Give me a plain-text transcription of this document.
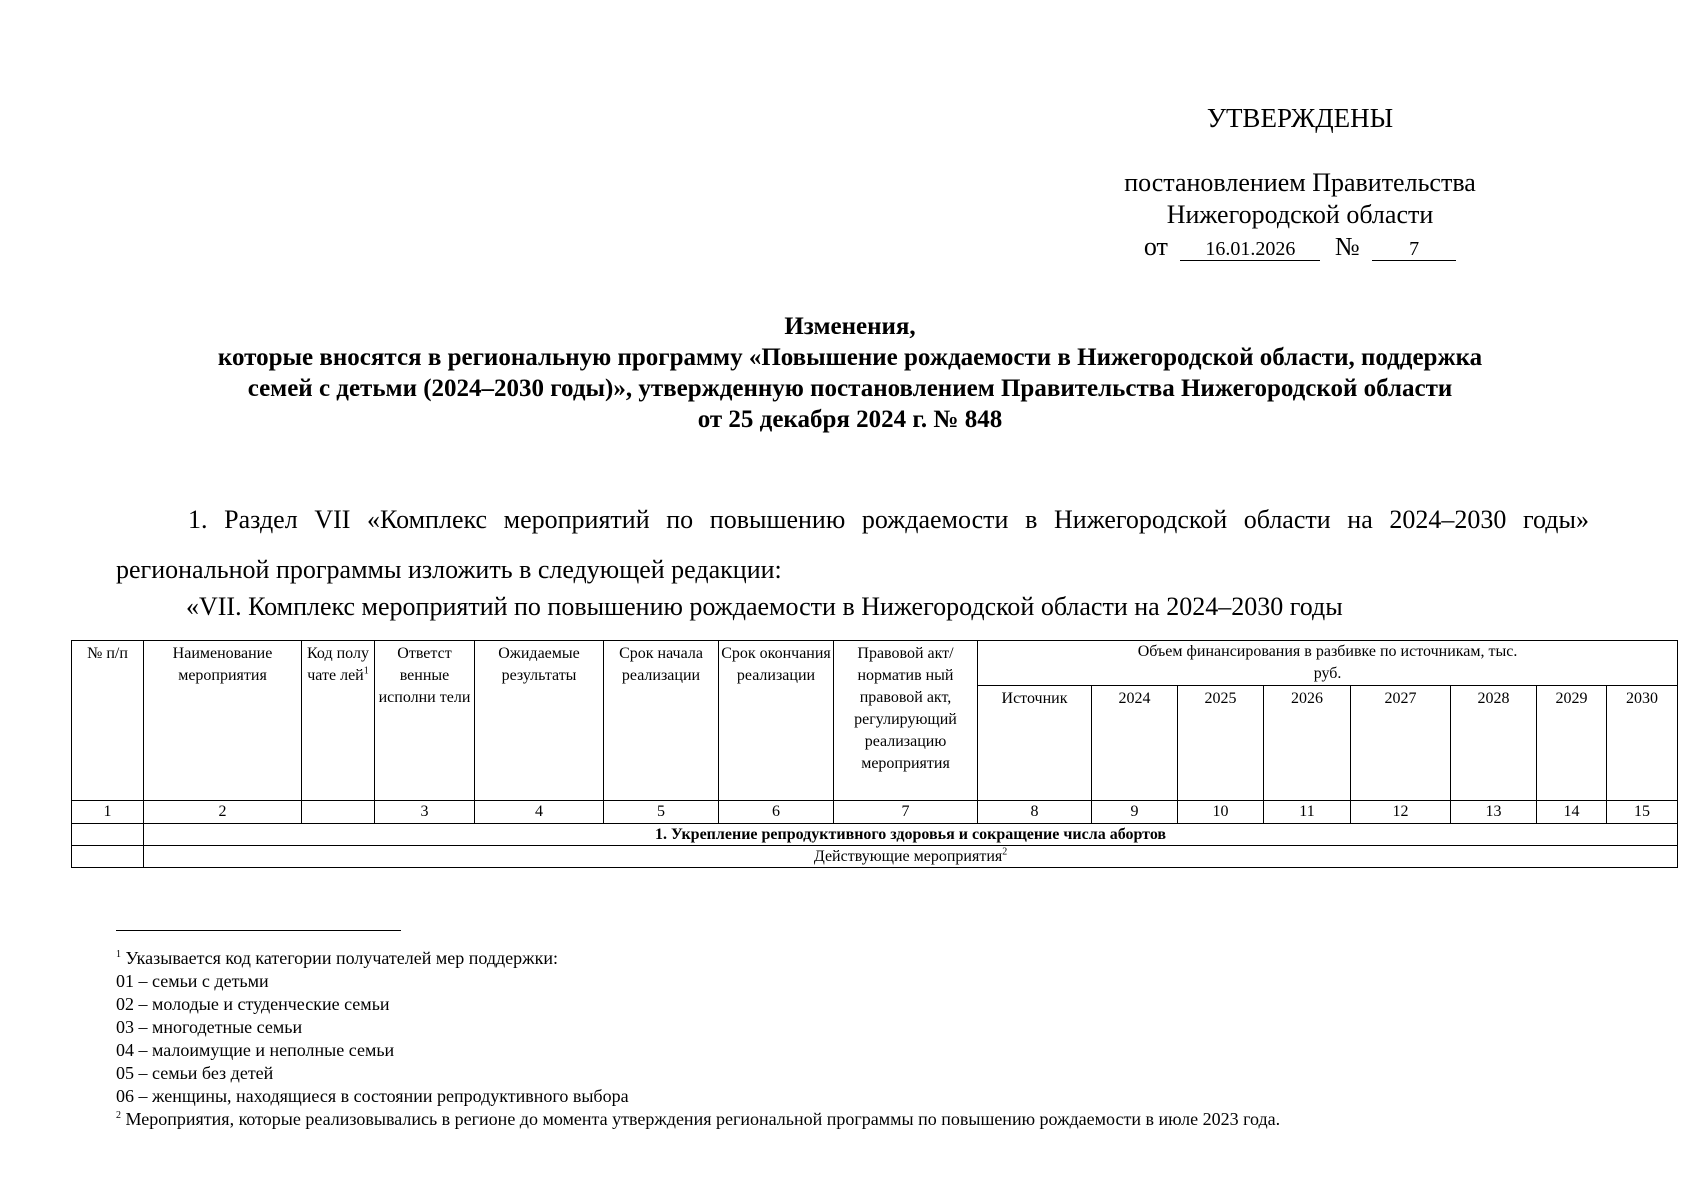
УТВЕРЖДЕНЫ
постановлением Правительства
Нижегородской области
от 16.01.2026 № 7
Изменения,
которые вносятся в региональную программу «Повышение рождаемости в Нижегородской области, поддержка
семей с детьми (2024–2030 годы)», утвержденную постановлением Правительства Нижегородской области
от 25 декабря 2024 г. № 848
1. Раздел VII «Комплекс мероприятий по повышению рождаемости в Нижегородской области на 2024–2030 годы» региональной программы изложить в следующей редакции:
«VII. Комплекс мероприятий по повышению рождаемости в Нижегородской области на 2024–2030 годы
№ п/п	Наименование мероприятия	Код полу чате лей$^1$	Ответст венные исполни тели	Ожидаемые результаты	Срок начала реализации	Срок окончания реализации	Правовой акт/норматив ный правовой акт, регулирующий реализацию мероприятия	Объем финансирования в разбивке по источникам, тыс. руб.							
								Источник	2024	2025	2026	2027	2028	2029	2030
1	2		3	4	5	6	7	8	9	10	11	12	13	14	15
	1. Укрепление репродуктивного здоровья и сокращение числа абортов														
	Действующие мероприятия$^2$
$^1$ Указывается код категории получателей мер поддержки:
01 – семьи с детьми
02 – молодые и студенческие семьи
03 – многодетные семьи
04 – малоимущие и неполные семьи
05 – семьи без детей
06 – женщины, находящиеся в состоянии репродуктивного выбора
$^2$ Мероприятия, которые реализовывались в регионе до момента утверждения региональной программы по повышению рождаемости в июле 2023 года.
